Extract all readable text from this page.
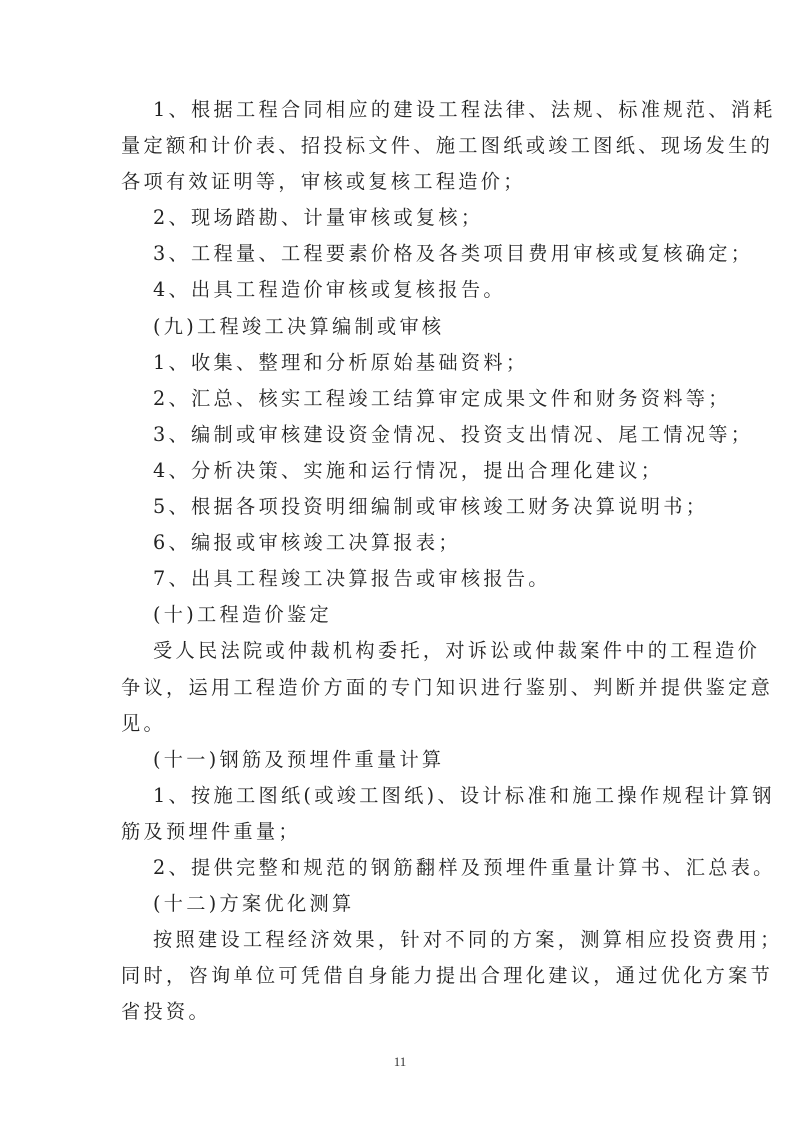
1、根据工程合同相应的建设工程法律、法规、标准规范、消耗
量定额和计价表、招投标文件、施工图纸或竣工图纸、现场发生的
各项有效证明等，审核或复核工程造价；
2、现场踏勘、计量审核或复核；
3、工程量、工程要素价格及各类项目费用审核或复核确定；
4、出具工程造价审核或复核报告。
(九)工程竣工决算编制或审核
1、收集、整理和分析原始基础资料；
2、汇总、核实工程竣工结算审定成果文件和财务资料等；
3、编制或审核建设资金情况、投资支出情况、尾工情况等；
4、分析决策、实施和运行情况，提出合理化建议；
5、根据各项投资明细编制或审核竣工财务决算说明书；
6、编报或审核竣工决算报表；
7、出具工程竣工决算报告或审核报告。
(十)工程造价鉴定
受人民法院或仲裁机构委托，对诉讼或仲裁案件中的工程造价
争议，运用工程造价方面的专门知识进行鉴别、判断并提供鉴定意
见。
(十一)钢筋及预埋件重量计算
1、按施工图纸(或竣工图纸)、设计标准和施工操作规程计算钢
筋及预埋件重量；
2、提供完整和规范的钢筋翻样及预埋件重量计算书、汇总表。
(十二)方案优化测算
按照建设工程经济效果，针对不同的方案，测算相应投资费用；
同时，咨询单位可凭借自身能力提出合理化建议，通过优化方案节
省投资。
11
